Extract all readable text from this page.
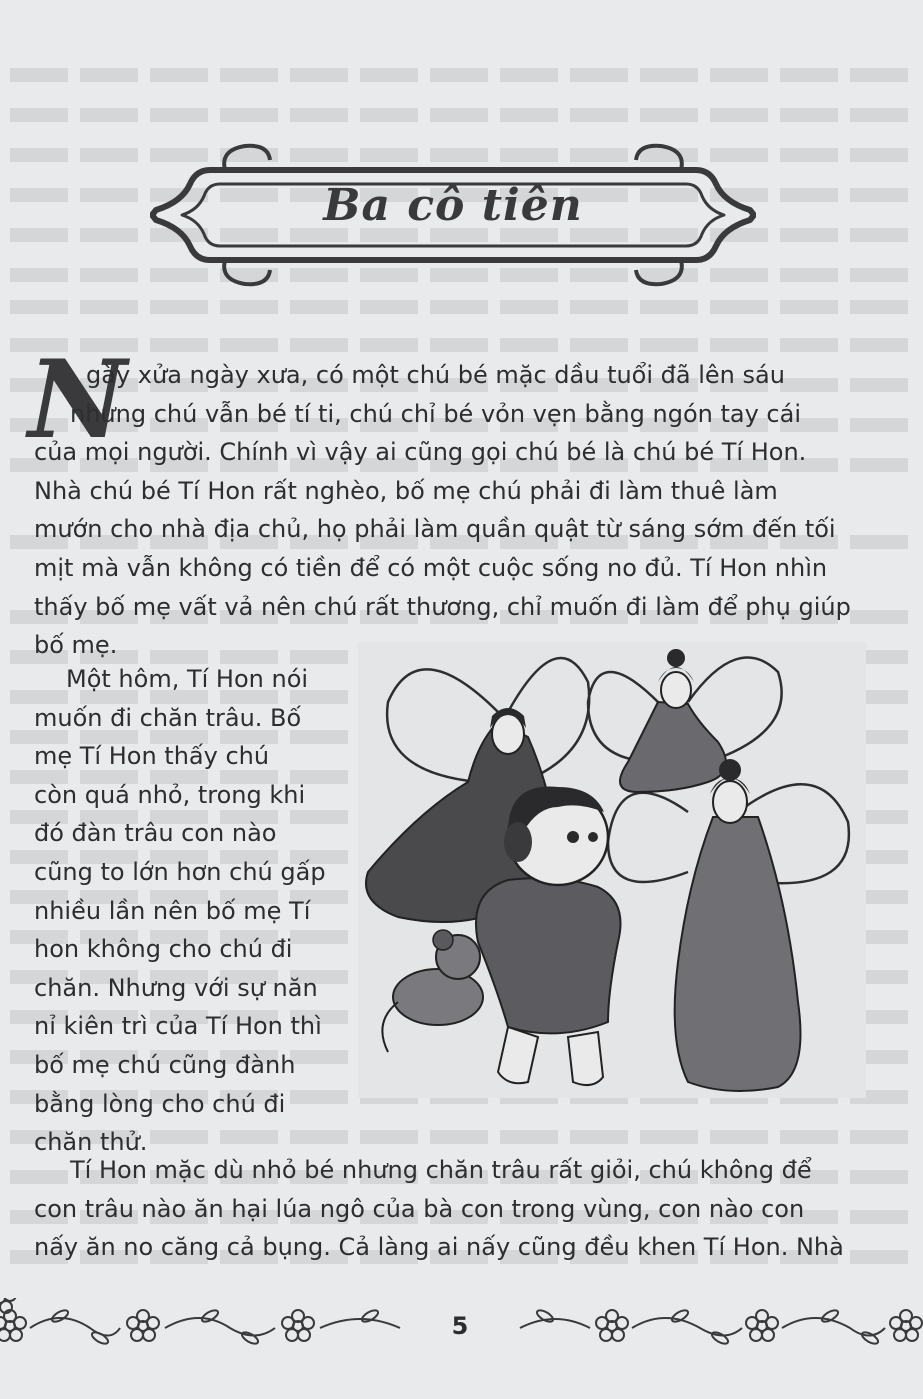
Ba cô tiên
N
gày xửa ngày xưa, có một chú bé mặc dầu tuổi đã lên sáu
nhưng chú vẫn bé tí ti, chú chỉ bé vỏn vẹn bằng ngón tay cái
của mọi người. Chính vì vậy ai cũng gọi chú bé là chú bé Tí Hon.
Nhà chú bé Tí Hon rất nghèo, bố mẹ chú phải đi làm thuê làm
mướn cho nhà địa chủ, họ phải làm quần quật từ sáng sớm đến tối
mịt mà vẫn không có tiền để có một cuộc sống no đủ. Tí Hon nhìn
thấy bố mẹ vất vả nên chú rất thương, chỉ muốn đi làm để phụ giúp
bố mẹ.
Một hôm, Tí Hon nói
muốn đi chăn trâu. Bố
mẹ Tí Hon thấy chú
còn quá nhỏ, trong khi
đó đàn trâu con nào
cũng to lớn hơn chú gấp
nhiều lần nên bố mẹ Tí
hon không cho chú đi
chăn. Nhưng với sự năn
nỉ kiên trì của Tí Hon thì
bố mẹ chú cũng đành
bằng lòng cho chú đi
chăn thử.
Tí Hon mặc dù nhỏ bé nhưng chăn trâu rất giỏi, chú không để
con trâu nào ăn hại lúa ngô của bà con trong vùng, con nào con
nấy ăn no căng cả bụng. Cả làng ai nấy cũng đều khen Tí Hon. Nhà
5
